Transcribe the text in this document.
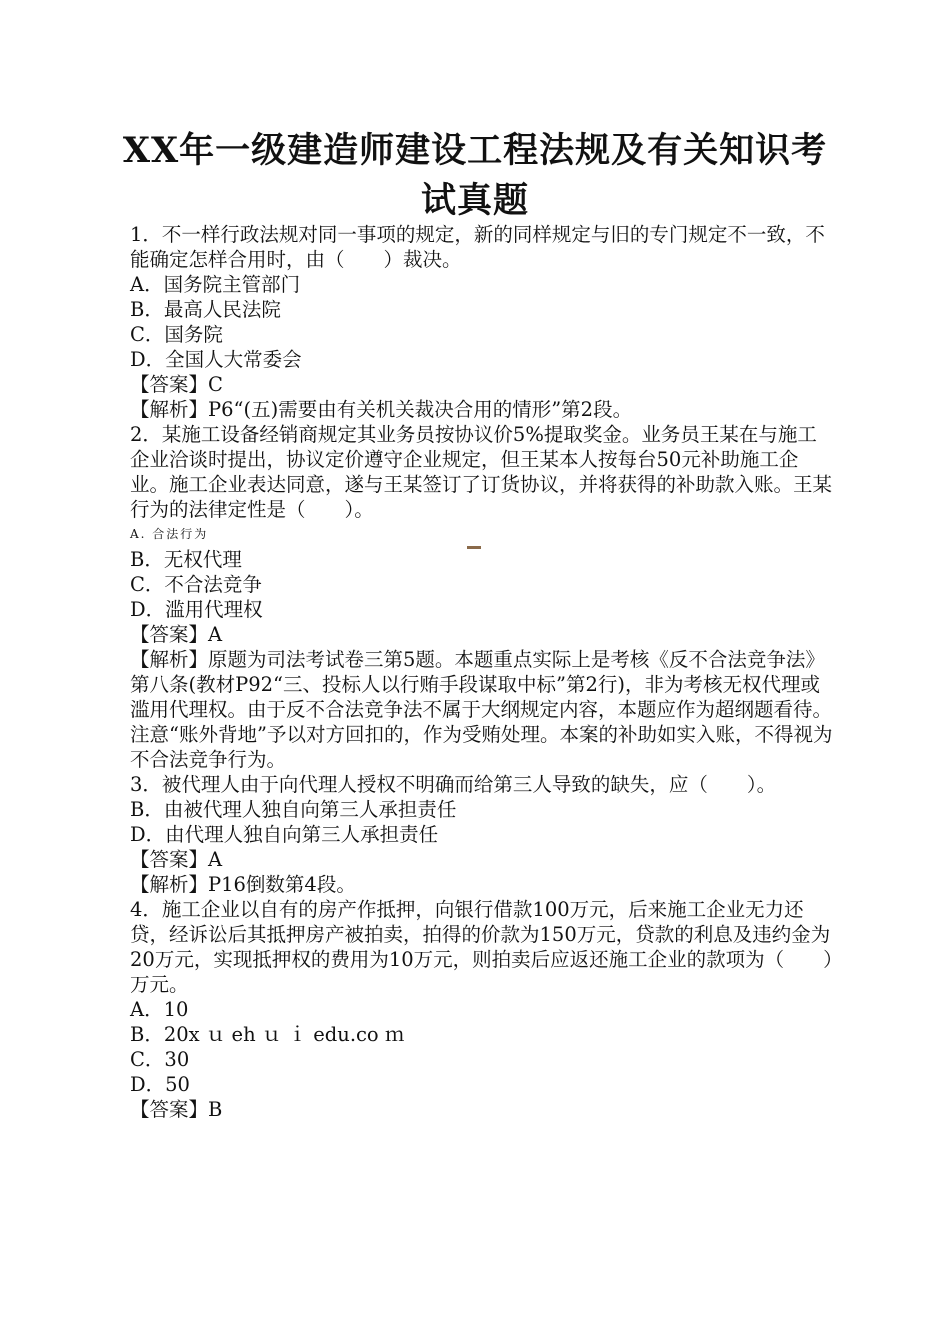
XX年一级建造师建设工程法规及有关知识考
试真题

1．不一样行政法规对同一事项的规定，新的同样规定与旧的专门规定不一致，不能确定怎样合用时，由（　　）裁决。

A．国务院主管部门

B．最高人民法院

C．国务院

D．全国人大常委会

【答案】C

【解析】P6“(五)需要由有关机关裁决合用的情形”第2段。

2．某施工设备经销商规定其业务员按协议价5%提取奖金。业务员王某在与施工企业洽谈时提出，协议定价遵守企业规定，但王某本人按每台50元补助施工企业。施工企业表达同意，遂与王某签订了订货协议，并将获得的补助款入账。王某行为的法律定性是（　　）。

A. 合法行为

B．无权代理

C．不合法竞争

D．滥用代理权

【答案】A

【解析】原题为司法考试卷三第5题。本题重点实际上是考核《反不合法竞争法》第八条(教材P92“三、投标人以行贿手段谋取中标”第2行)，非为考核无权代理或滥用代理权。由于反不合法竞争法不属于大纲规定内容，本题应作为超纲题看待。

注意“账外背地”予以对方回扣的，作为受贿处理。本案的补助如实入账，不得视为不合法竞争行为。

3．被代理人由于向代理人授权不明确而给第三人导致的缺失，应（　　）。

B．由被代理人独自向第三人承担责任

D．由代理人独自向第三人承担责任

【答案】A

【解析】P16倒数第4段。

4．施工企业以自有的房产作抵押，向银行借款100万元，后来施工企业无力还贷，经诉讼后其抵押房产被拍卖，拍得的价款为150万元，贷款的利息及违约金为20万元，实现抵押权的费用为10万元，则拍卖后应返还施工企业的款项为（　　）万元。

A．10

B．20x ｕ eh ｕ ｉ edu.co ｍ

C．30

D．50

【答案】B
